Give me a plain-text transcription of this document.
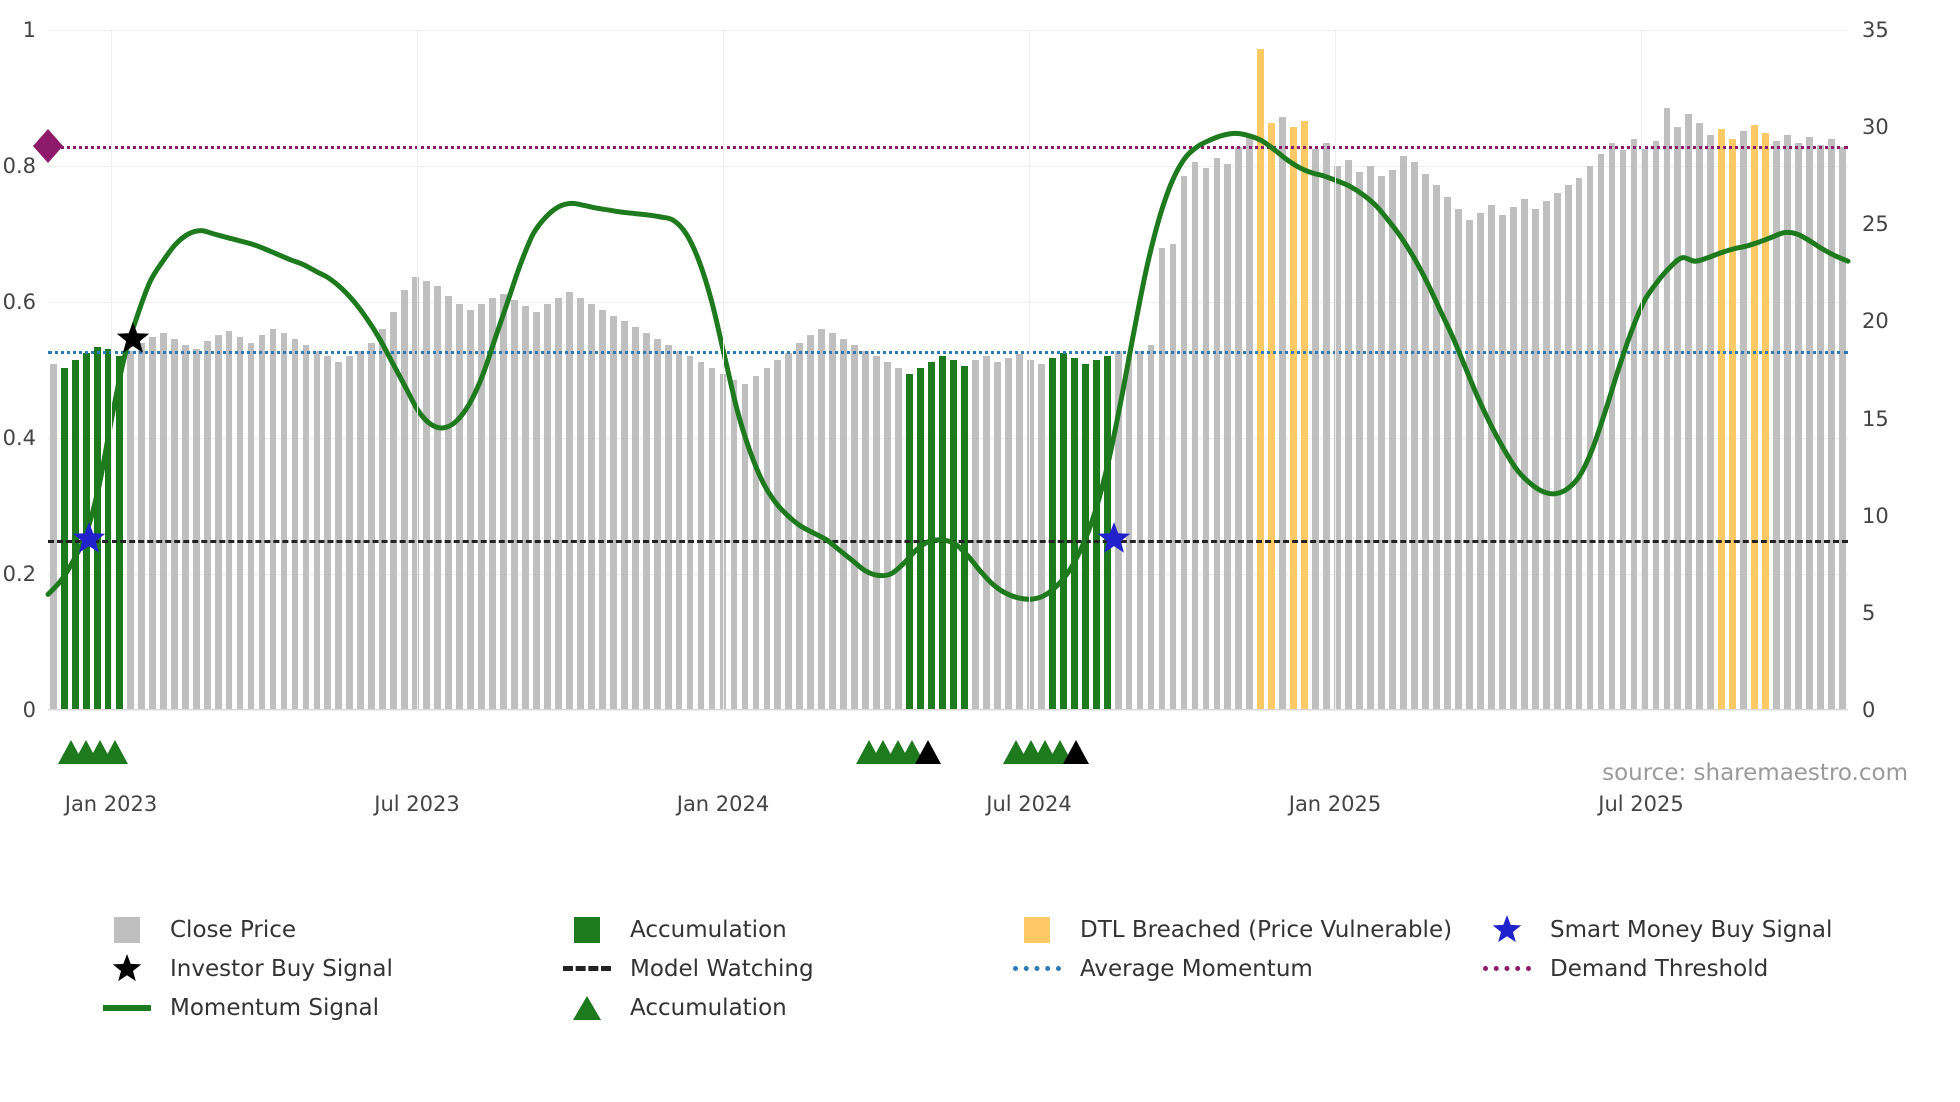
Jan 2023	Jul 2023	Jan 2024	Jul 2024	Jan 2025	Jul 2025
0
0.2
0.4
0.6
0.8
1
0
5
10
15
20
25
30
35
source: sharemaestro.com
Close Price	Accumulation	DTL Breached (Price Vulnerable)	Smart Money Buy Signal
Investor Buy Signal	Model Watching	Average Momentum	Demand Threshold
Momentum Signal	Accumulation
